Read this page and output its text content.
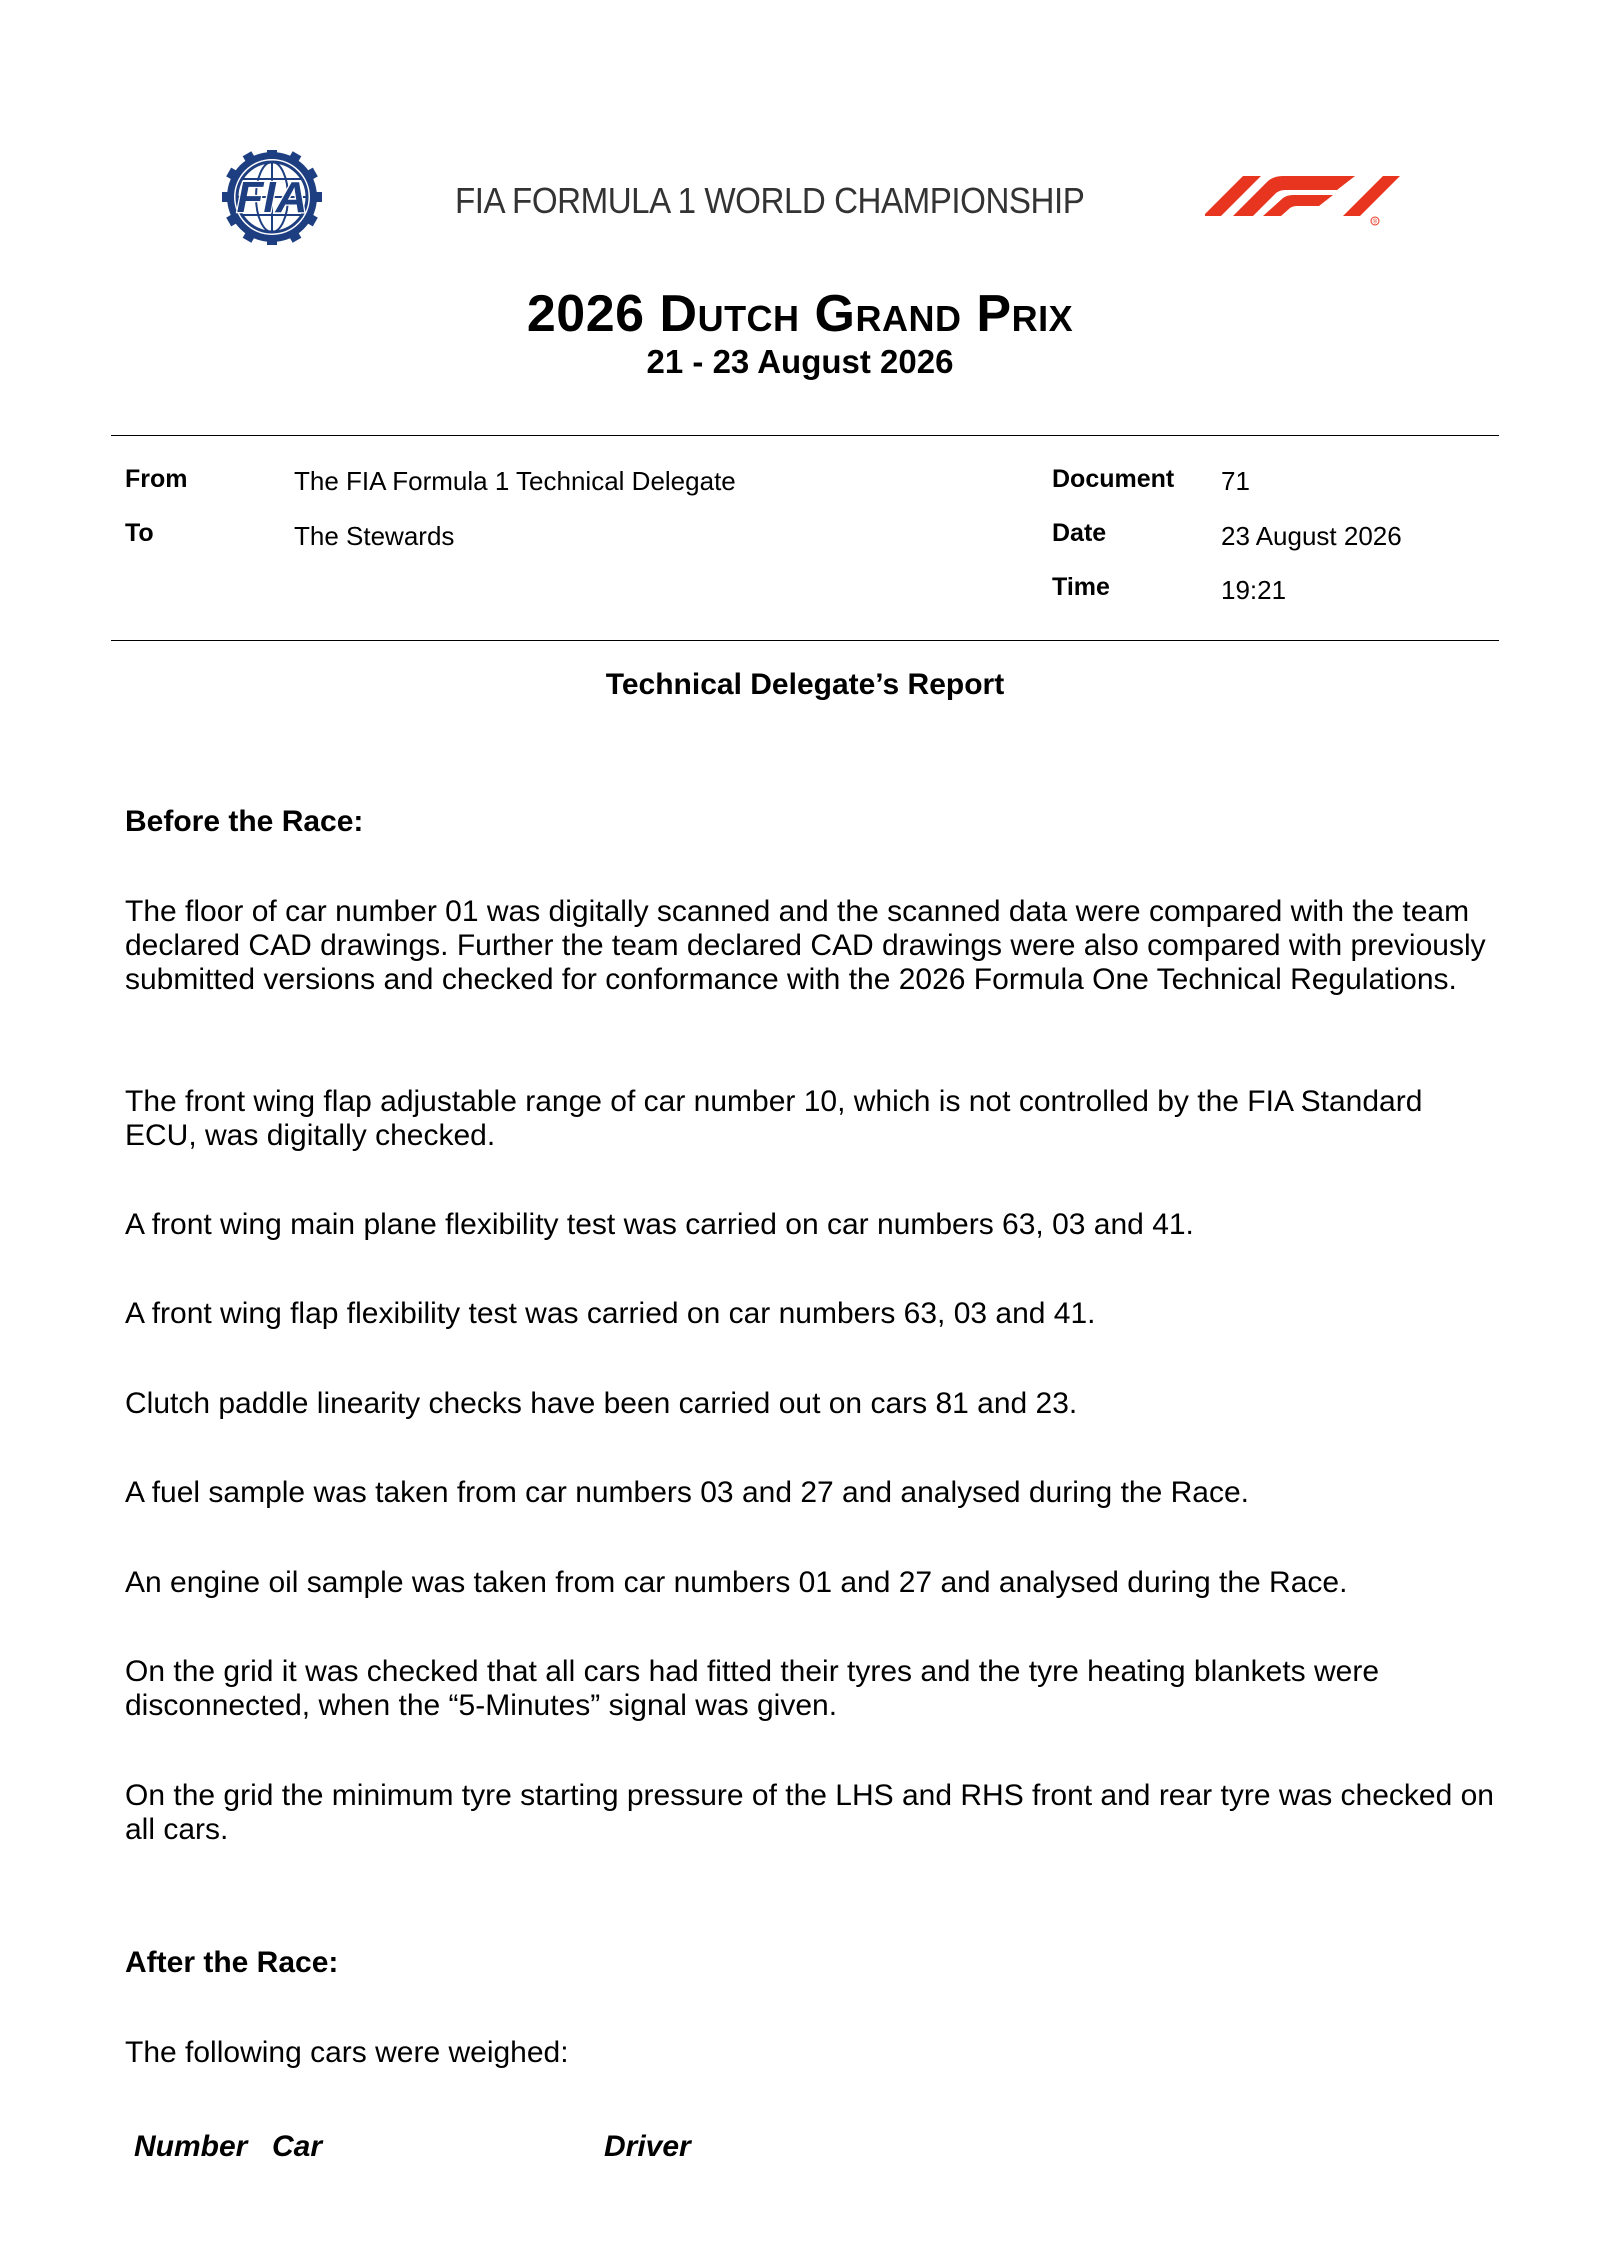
FIA	FIA FORMULA 1 WORLD CHAMPIONSHIP
®
2026 Dutch Grand Prix
21 - 23 August 2026
From	The FIA Formula 1 Technical Delegate
To	The Stewards
Document 71
Date	23 August 2026
Time	19:21
Technical Delegate’s Report
Before the Race:

The floor of car number 01 was digitally scanned and the scanned data were compared with the team declared CAD drawings. Further the team declared CAD drawings were also compared with previously submitted versions and checked for conformance with the 2026 Formula One Technical Regulations.

The front wing flap adjustable range of car number 10, which is not controlled by the FIA Standard ECU, was digitally checked.

A front wing main plane flexibility test was carried on car numbers 63, 03 and 41.

A front wing flap flexibility test was carried on car numbers 63, 03 and 41.

Clutch paddle linearity checks have been carried out on cars 81 and 23.

A fuel sample was taken from car numbers 03 and 27 and analysed during the Race.

An engine oil sample was taken from car numbers 01 and 27 and analysed during the Race.

On the grid it was checked that all cars had fitted their tyres and the tyre heating blankets were disconnected, when the “5-Minutes” signal was given.

On the grid the minimum tyre starting pressure of the LHS and RHS front and rear tyre was checked on all cars.

After the Race:

The following cars were weighed:

Number Car	Driver
